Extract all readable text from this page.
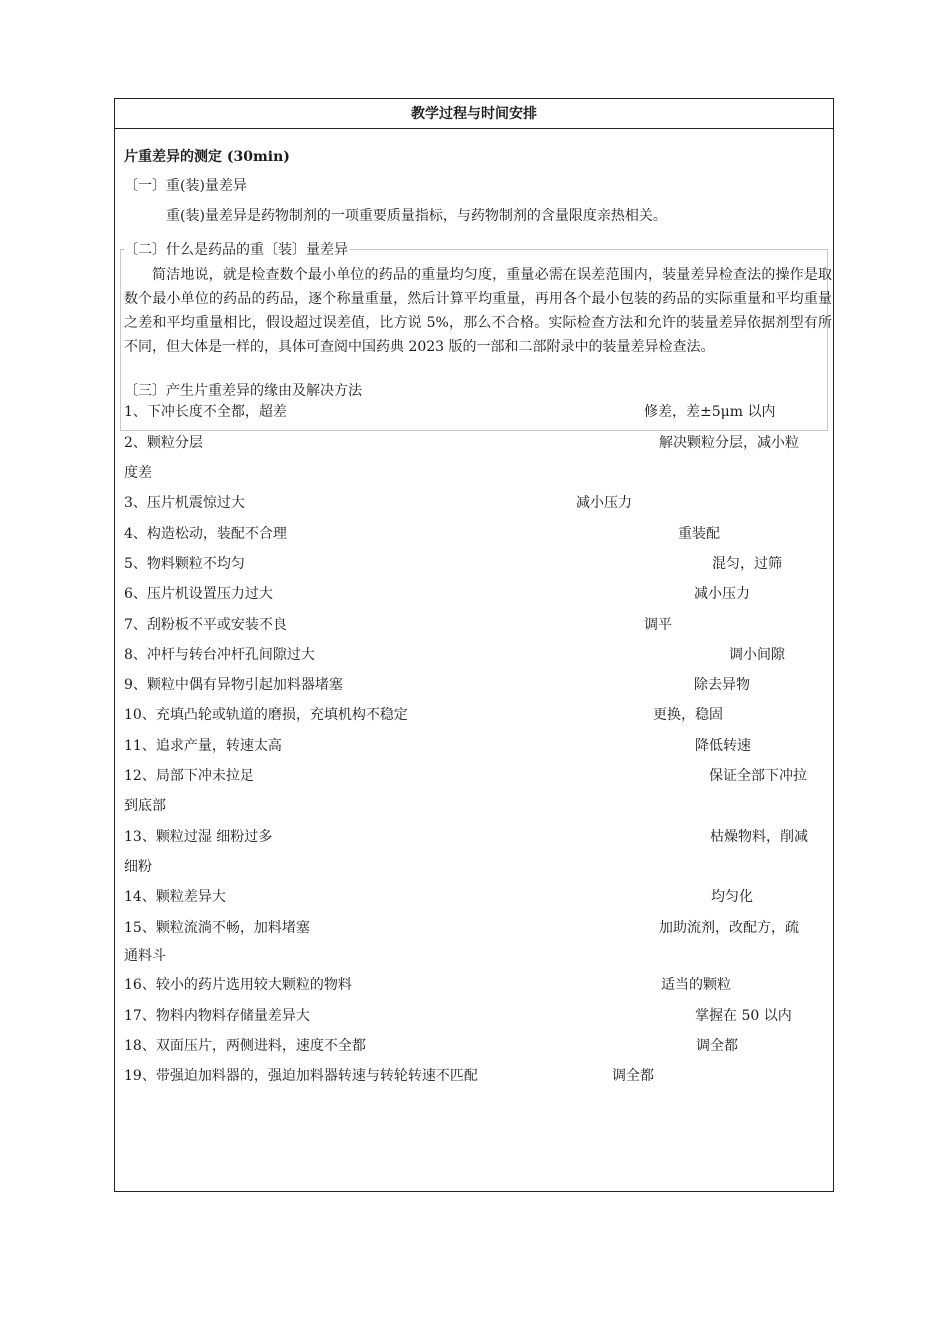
教学过程与时间安排
片重差异的测定 (30min)
〔一〕重(装)量差异
重(装)量差异是药物制剂的一项重要质量指标，与药物制剂的含量限度亲热相关。
〔二〕什么是药品的重〔装〕量差异
简洁地说，就是检查数个最小单位的药品的重量均匀度，重量必需在误差范围内，装量差异检查法的操作是取数个最小单位的药品的药品，逐个称量重量，然后计算平均重量，再用各个最小包装的药品的实际重量和平均重量之差和平均重量相比，假设超过误差值，比方说 5%，那么不合格。实际检查方法和允许的装量差异依据剂型有所不同，但大体是一样的，具体可查阅中国药典 2023 版的一部和二部附录中的装量差异检查法。
〔三〕产生片重差异的缘由及解决方法
1、下冲长度不全都，超差	修差，差±5μm 以内
2、颗粒分层	解决颗粒分层，减小粒
度差
3、压片机震惊过大	减小压力
4、构造松动，装配不合理	重装配
5、物料颗粒不均匀	混匀，过筛
6、压片机设置压力过大	减小压力
7、刮粉板不平或安装不良	调平
8、冲杆与转台冲杆孔间隙过大	调小间隙
9、颗粒中偶有异物引起加料器堵塞	除去异物
10、充填凸轮或轨道的磨损，充填机构不稳定	更换，稳固
11、追求产量，转速太高	降低转速
12、局部下冲未拉足	保证全部下冲拉
到底部
13、颗粒过湿 细粉过多	枯燥物料，削减
细粉
14、颗粒差异大	均匀化
15、颗粒流淌不畅，加料堵塞	加助流剂，改配方，疏
通料斗
16、较小的药片选用较大颗粒的物料	适当的颗粒
17、物料内物料存储量差异大	掌握在 50 以内
18、双面压片，两侧进料，速度不全都	调全都
19、带强迫加料器的，强迫加料器转速与转轮转速不匹配	调全都
